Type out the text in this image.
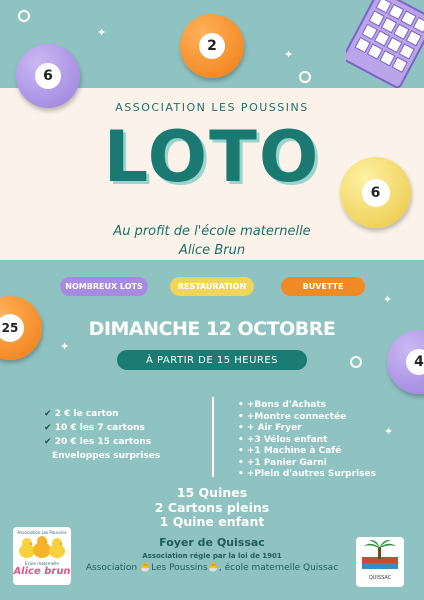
✦
✦
✦
✦
✦
2
6
6
25
4
ASSOCIATION LES POUSSINS
LOTO
Au profit de l'école maternelle
Alice Brun
NOMBREUX LOTS	RESTAURATION	BUVETTE
DIMANCHE 12 OCTOBRE
À PARTIR DE 15 HEURES
✔ 2 € le carton
✔ 10 € les 7 cartons
✔ 20 € les 15 cartons
Enveloppes surprises
• +Bons d'Achats
• +Montre connectée
• + Air Fryer
• +3 Vélos enfant
• +1 Machine à Café
• +1 Panier Garni
• +Plein d'autres Surprises
15 Quines
2 Cartons pleins
1 Quine enfant
Foyer de Quissac
Association régie par la loi de 1901
Association 🐣Les Poussins🐣, école maternelle Quissac
Association Les Poussins
Ecole maternelle
Alice brun
QUISSAC
